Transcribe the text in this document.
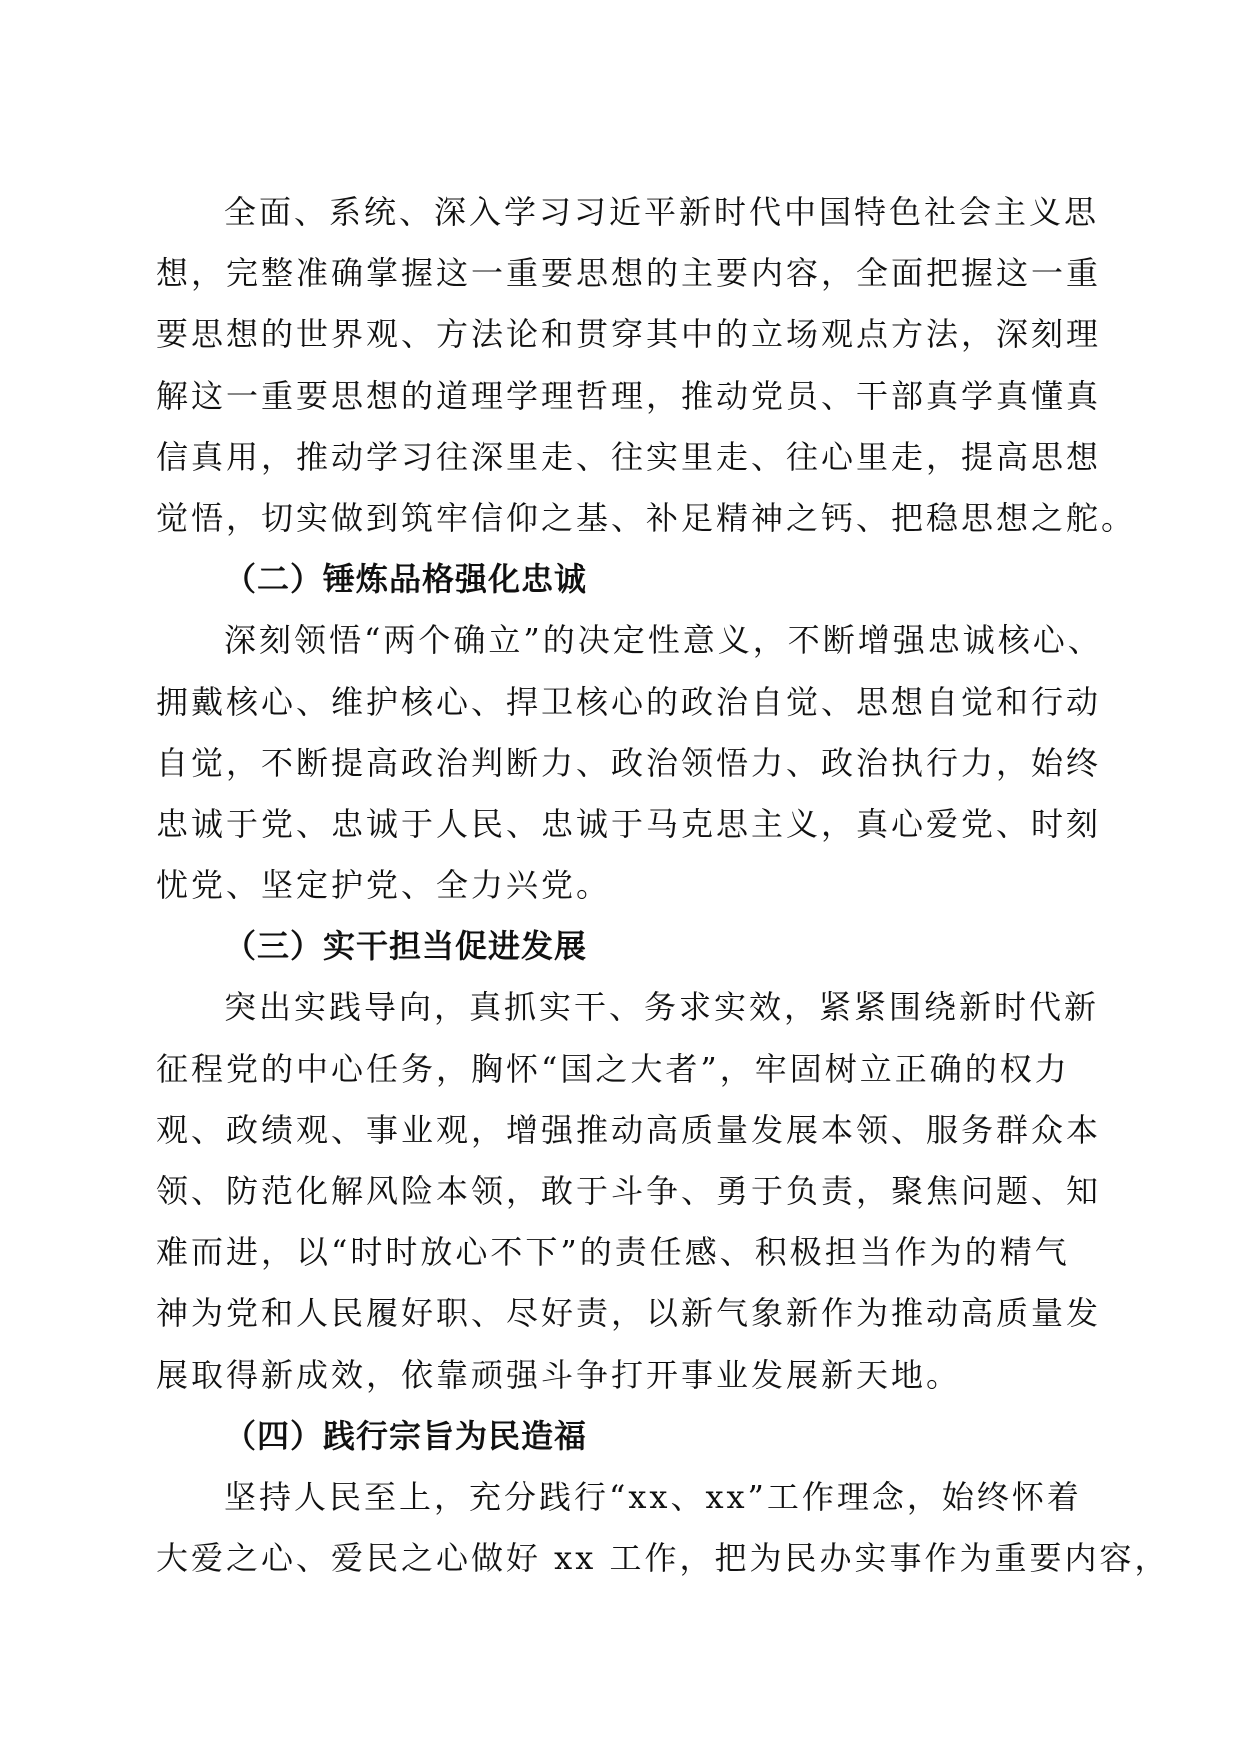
全面、系统、深入学习习近平新时代中国特色社会主义思
想，完整准确掌握这一重要思想的主要内容，全面把握这一重
要思想的世界观、方法论和贯穿其中的立场观点方法，深刻理
解这一重要思想的道理学理哲理，推动党员、干部真学真懂真
信真用，推动学习往深里走、往实里走、往心里走，提高思想
觉悟，切实做到筑牢信仰之基、补足精神之钙、把稳思想之舵。
（二）锤炼品格强化忠诚
深刻领悟“两个确立”的决定性意义，不断增强忠诚核心、
拥戴核心、维护核心、捍卫核心的政治自觉、思想自觉和行动
自觉，不断提高政治判断力、政治领悟力、政治执行力，始终
忠诚于党、忠诚于人民、忠诚于马克思主义，真心爱党、时刻
忧党、坚定护党、全力兴党。
（三）实干担当促进发展
突出实践导向，真抓实干、务求实效，紧紧围绕新时代新
征程党的中心任务，胸怀“国之大者”，牢固树立正确的权力
观、政绩观、事业观，增强推动高质量发展本领、服务群众本
领、防范化解风险本领，敢于斗争、勇于负责，聚焦问题、知
难而进，以“时时放心不下”的责任感、积极担当作为的精气
神为党和人民履好职、尽好责，以新气象新作为推动高质量发
展取得新成效，依靠顽强斗争打开事业发展新天地。
（四）践行宗旨为民造福
坚持人民至上，充分践行“xx、xx”工作理念，始终怀着
大爱之心、爱民之心做好 xx 工作，把为民办实事作为重要内容，
